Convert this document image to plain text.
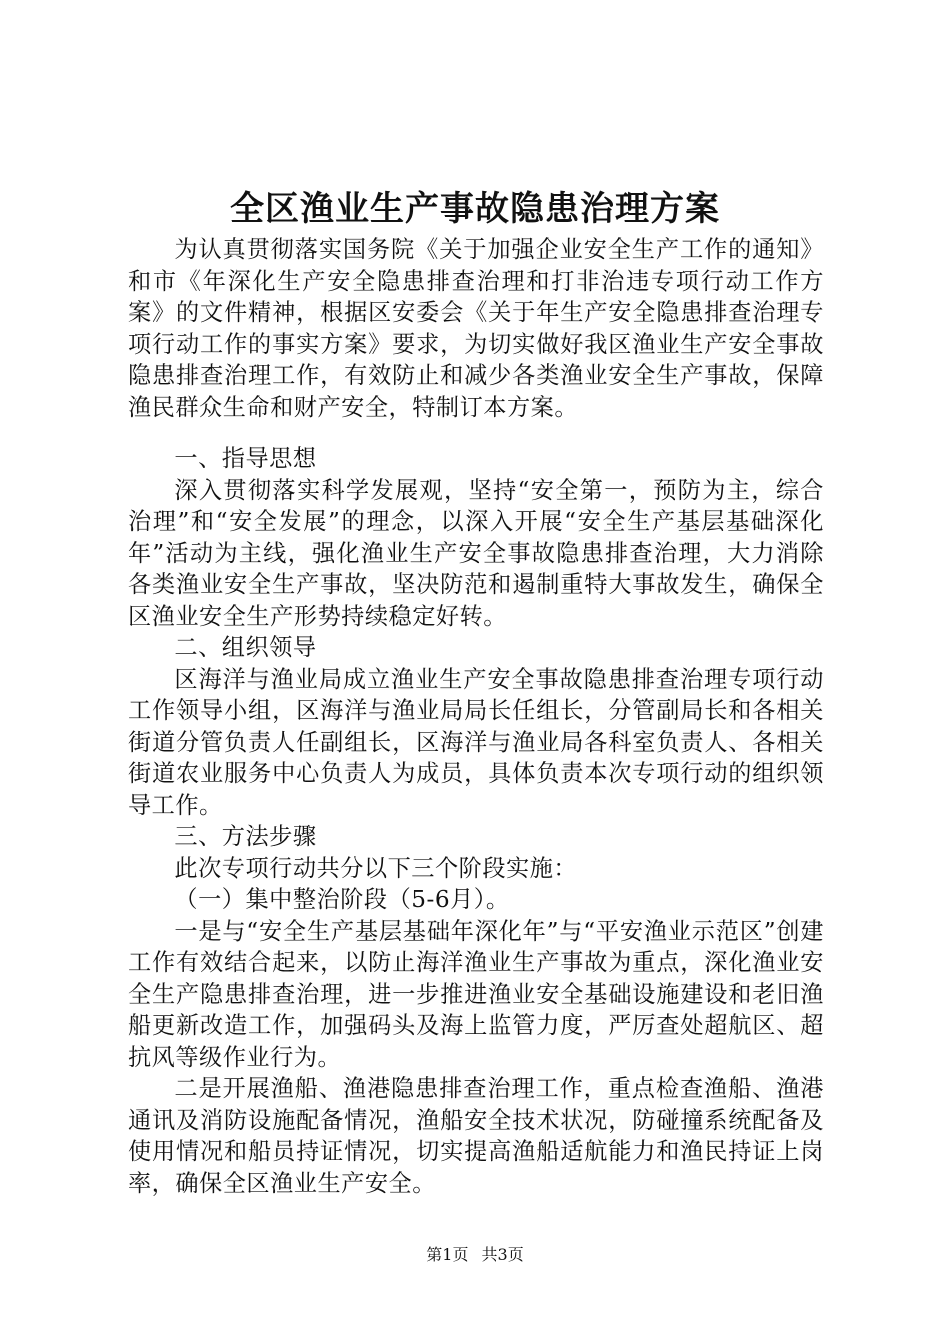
全区渔业生产事故隐患治理方案

为认真贯彻落实国务院《关于加强企业安全生产工作的通知》和市《年深化生产安全隐患排查治理和打非治违专项行动工作方案》的文件精神，根据区安委会《关于年生产安全隐患排查治理专项行动工作的事实方案》要求，为切实做好我区渔业生产安全事故隐患排查治理工作，有效防止和减少各类渔业安全生产事故，保障渔民群众生命和财产安全，特制订本方案。

一、指导思想

深入贯彻落实科学发展观，坚持“安全第一，预防为主，综合治理”和“安全发展”的理念，以深入开展“安全生产基层基础深化年”活动为主线，强化渔业生产安全事故隐患排查治理，大力消除各类渔业安全生产事故，坚决防范和遏制重特大事故发生，确保全区渔业安全生产形势持续稳定好转。

二、组织领导

区海洋与渔业局成立渔业生产安全事故隐患排查治理专项行动工作领导小组，区海洋与渔业局局长任组长，分管副局长和各相关街道分管负责人任副组长，区海洋与渔业局各科室负责人、各相关街道农业服务中心负责人为成员，具体负责本次专项行动的组织领导工作。

三、方法步骤

此次专项行动共分以下三个阶段实施：

（一）集中整治阶段（5-6月）。

一是与“安全生产基层基础年深化年”与“平安渔业示范区”创建工作有效结合起来，以防止海洋渔业生产事故为重点，深化渔业安全生产隐患排查治理，进一步推进渔业安全基础设施建设和老旧渔船更新改造工作，加强码头及海上监管力度，严厉查处超航区、超抗风等级作业行为。

二是开展渔船、渔港隐患排查治理工作，重点检查渔船、渔港通讯及消防设施配备情况，渔船安全技术状况，防碰撞系统配备及使用情况和船员持证情况，切实提高渔船适航能力和渔民持证上岗率，确保全区渔业生产安全。

第1页 共3页
